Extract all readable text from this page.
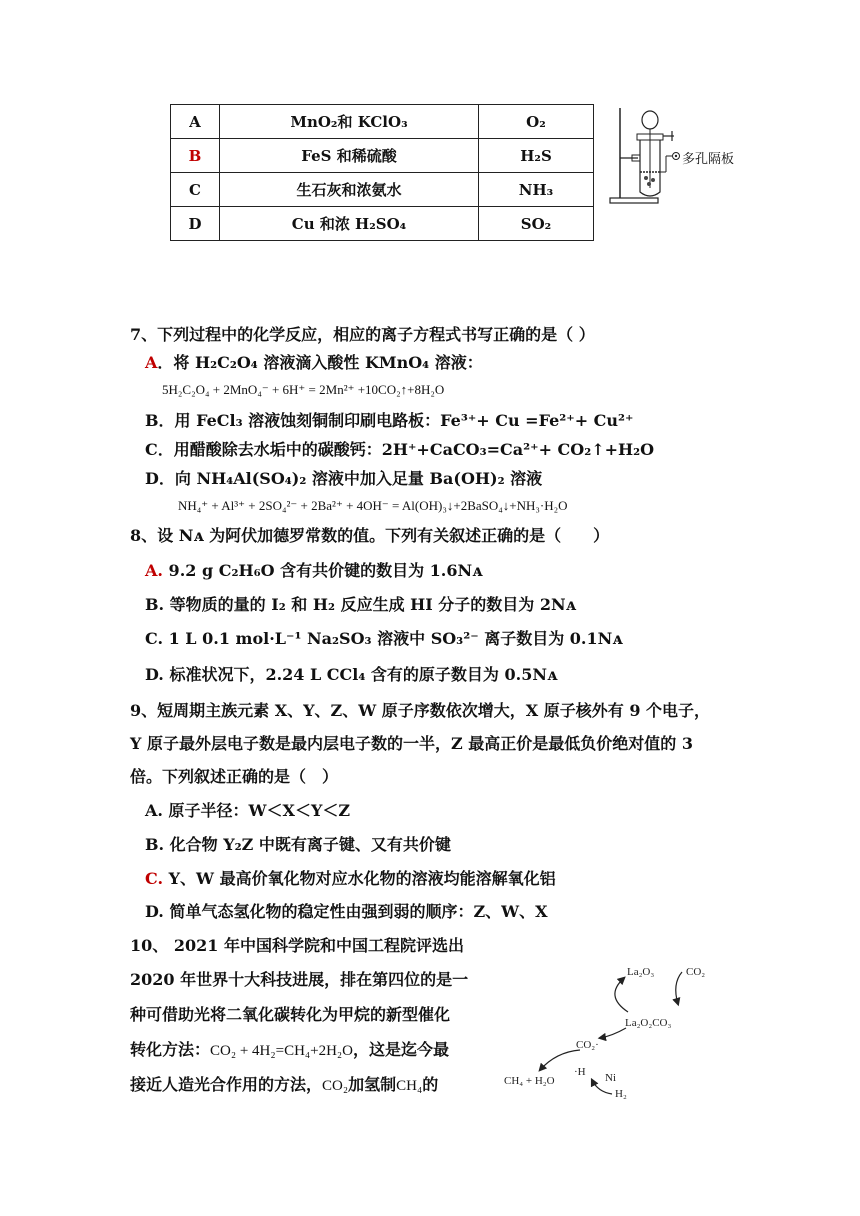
A	MnO₂和 KClO₃	O₂
B	FeS 和稀硫酸	H₂S
C	生石灰和浓氨水	NH₃
D	Cu 和浓 H₂SO₄	SO₂
多孔隔板
7、下列过程中的化学反应，相应的离子方程式书写正确的是（ ）
A．将 H₂C₂O₄ 溶液滴入酸性 KMnO₄ 溶液：
5H₂C₂O₄ + 2MnO₄⁻ + 6H⁺ = 2Mn²⁺ +10CO₂↑+8H₂O
B．用 FeCl₃ 溶液蚀刻铜制印刷电路板：Fe³⁺+ Cu =Fe²⁺+ Cu²⁺
C．用醋酸除去水垢中的碳酸钙：2H⁺+CaCO₃=Ca²⁺+ CO₂↑+H₂O
D．向 NH₄Al(SO₄)₂ 溶液中加入足量 Ba(OH)₂ 溶液
NH₄⁺ + Al³⁺ + 2SO₄²⁻ + 2Ba²⁺ + 4OH⁻ = Al(OH)₃↓+2BaSO₄↓+NH₃·H₂O
8、设 Nᴀ 为阿伏加德罗常数的值。下列有关叙述正确的是（　　）
A. 9.2 g C₂H₆O 含有共价键的数目为 1.6Nᴀ
B. 等物质的量的 I₂ 和 H₂ 反应生成 HI 分子的数目为 2Nᴀ
C. 1 L 0.1 mol·L⁻¹ Na₂SO₃ 溶液中 SO₃²⁻ 离子数目为 0.1Nᴀ
D. 标准状况下，2.24 L CCl₄ 含有的原子数目为 0.5Nᴀ
9、短周期主族元素 X、Y、Z、W 原子序数依次增大，X 原子核外有 9 个电子，
Y 原子最外层电子数是最内层电子数的一半，Z 最高正价是最低负价绝对值的 3
倍。下列叙述正确的是（　）
A. 原子半径：W＜X＜Y＜Z
B. 化合物 Y₂Z 中既有离子键、又有共价键
C. Y、W 最高价氧化物对应水化物的溶液均能溶解氧化铝
D. 简单气态氢化物的稳定性由强到弱的顺序：Z、W、X
10、 2021 年中国科学院和中国工程院评选出
2020 年世界十大科技进展，排在第四位的是一
种可借助光将二氧化碳转化为甲烷的新型催化
转化方法：CO₂ + 4H₂=CH₄+2H₂O，这是迄今最
接近人造光合作用的方法，CO₂加氢制CH₄的
La₂O₃	CO₂
La₂O₂CO₃
CO₂·
·H Ni
H₂
CH₄ + H₂O
